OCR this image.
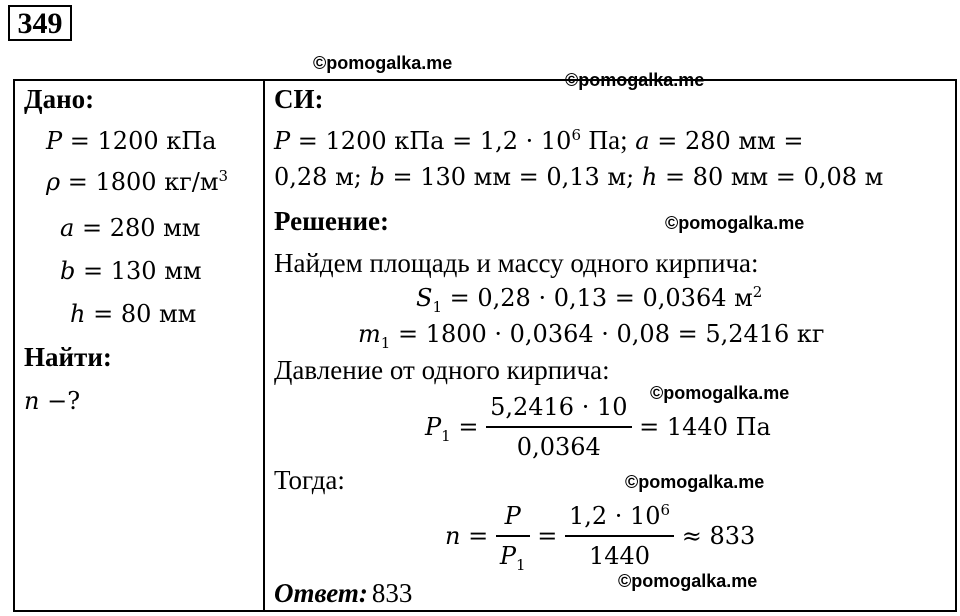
349
©pomogalka.me
©pomogalka.me
©pomogalka.me
©pomogalka.me
©pomogalka.me
©pomogalka.me
Дано:
P = 1200 кПа
ρ = 1800 $кг/м^3$
a = 280 мм
b = 130 мм
h = 80 мм
Найти:
n −?
СИ:
P = 1200 кПа = $1,2 \cdot 10^6$ Па; a = 280 мм =
0,28 м; b = 130 мм = 0,13 м; h = 80 мм = 0,08 м
Решение:
Найдем площадь и массу одного кирпича:
$S_1 = 0,28 \cdot 0,13 = 0,0364$ $м^2$
$m_1 = 1800 \cdot 0,0364 \cdot 0,08 = 5,2416$ кг
Давление от одного кирпича:
$P_1 = \frac{5,2416 \cdot 10}{0,0364} = 1440$ Па
Тогда:
$n = \frac{P}{P_1} = \frac{1,2 \cdot 10^6}{1440} \approx 833$
Ответ: 833
